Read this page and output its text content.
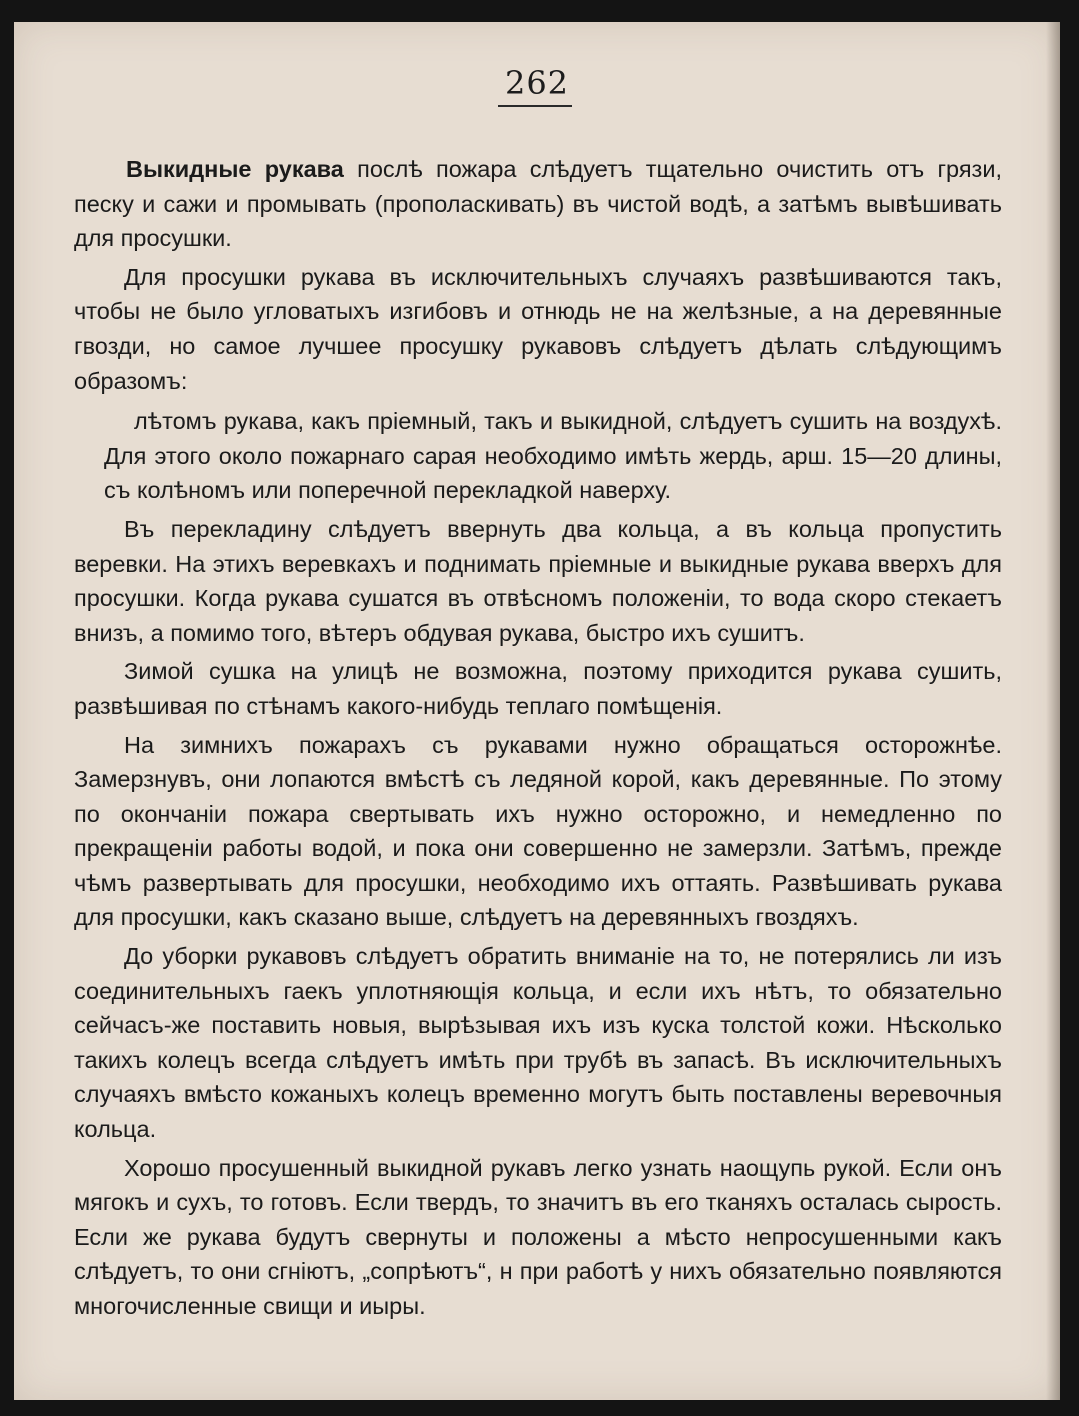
262

Выкидные рукава послѣ пожара слѣдуетъ тщательно очистить отъ грязи, песку и сажи и промывать (прополаскивать) въ чистой водѣ, а затѣмъ вывѣшивать для просушки.

Для просушки рукава въ исключительныхъ случаяхъ развѣшиваются такъ, чтобы не было угловатыхъ изгибовъ и отнюдь не на желѣзные, а на деревянные гвозди, но самое лучшее просушку рукавовъ слѣдуетъ дѣлать слѣдующимъ образомъ:

лѣтомъ рукава, какъ пріемный, такъ и выкидной, слѣдуетъ сушить на воздухѣ. Для этого около пожарнаго сарая необходимо имѣть жердь, арш. 15—20 длины, съ колѣномъ или поперечной перекладкой наверху.

Въ перекладину слѣдуетъ ввернуть два кольца, а въ кольца пропустить веревки. На этихъ веревкахъ и поднимать пріемные и выкидные рукава вверхъ для просушки. Когда рукава сушатся въ отвѣсномъ положеніи, то вода скоро стекаетъ внизъ, а помимо того, вѣтеръ обдувая рукава, быстро ихъ сушитъ.

Зимой сушка на улицѣ не возможна, поэтому приходится рукава сушить, развѣшивая по стѣнамъ какого-нибудь теплаго помѣщенія.

На зимнихъ пожарахъ съ рукавами нужно обращаться осторожнѣе. Замерзнувъ, они лопаются вмѣстѣ съ ледяной корой, какъ деревянные. По этому по окончаніи пожара свертывать ихъ нужно осторожно, и немедленно по прекращеніи работы водой, и пока они совершенно не замерзли. Затѣмъ, прежде чѣмъ развертывать для просушки, необходимо ихъ оттаять. Развѣшивать рукава для просушки, какъ сказано выше, слѣдуетъ на деревянныхъ гвоздяхъ.

До уборки рукавовъ слѣдуетъ обратить вниманіе на то, не потерялись ли изъ соединительныхъ гаекъ уплотняющія кольца, и если ихъ нѣтъ, то обязательно сейчасъ-же поставить новыя, вырѣзывая ихъ изъ куска толстой кожи. Нѣсколько такихъ колецъ всегда слѣдуетъ имѣть при трубѣ въ запасѣ. Въ исключительныхъ случаяхъ вмѣсто кожаныхъ колецъ временно могутъ быть поставлены веревочныя кольца.

Хорошо просушенный выкидной рукавъ легко узнать наощупь рукой. Если онъ мягокъ и сухъ, то готовъ. Если твердъ, то значитъ въ его тканяхъ осталась сырость. Если же рукава будутъ свернуты и положены а мѣсто непросушенными какъ слѣдуетъ, то они сгніютъ, „сопрѣютъ“, н при работѣ у нихъ обязательно появляются многочисленные свищи и иыры.
